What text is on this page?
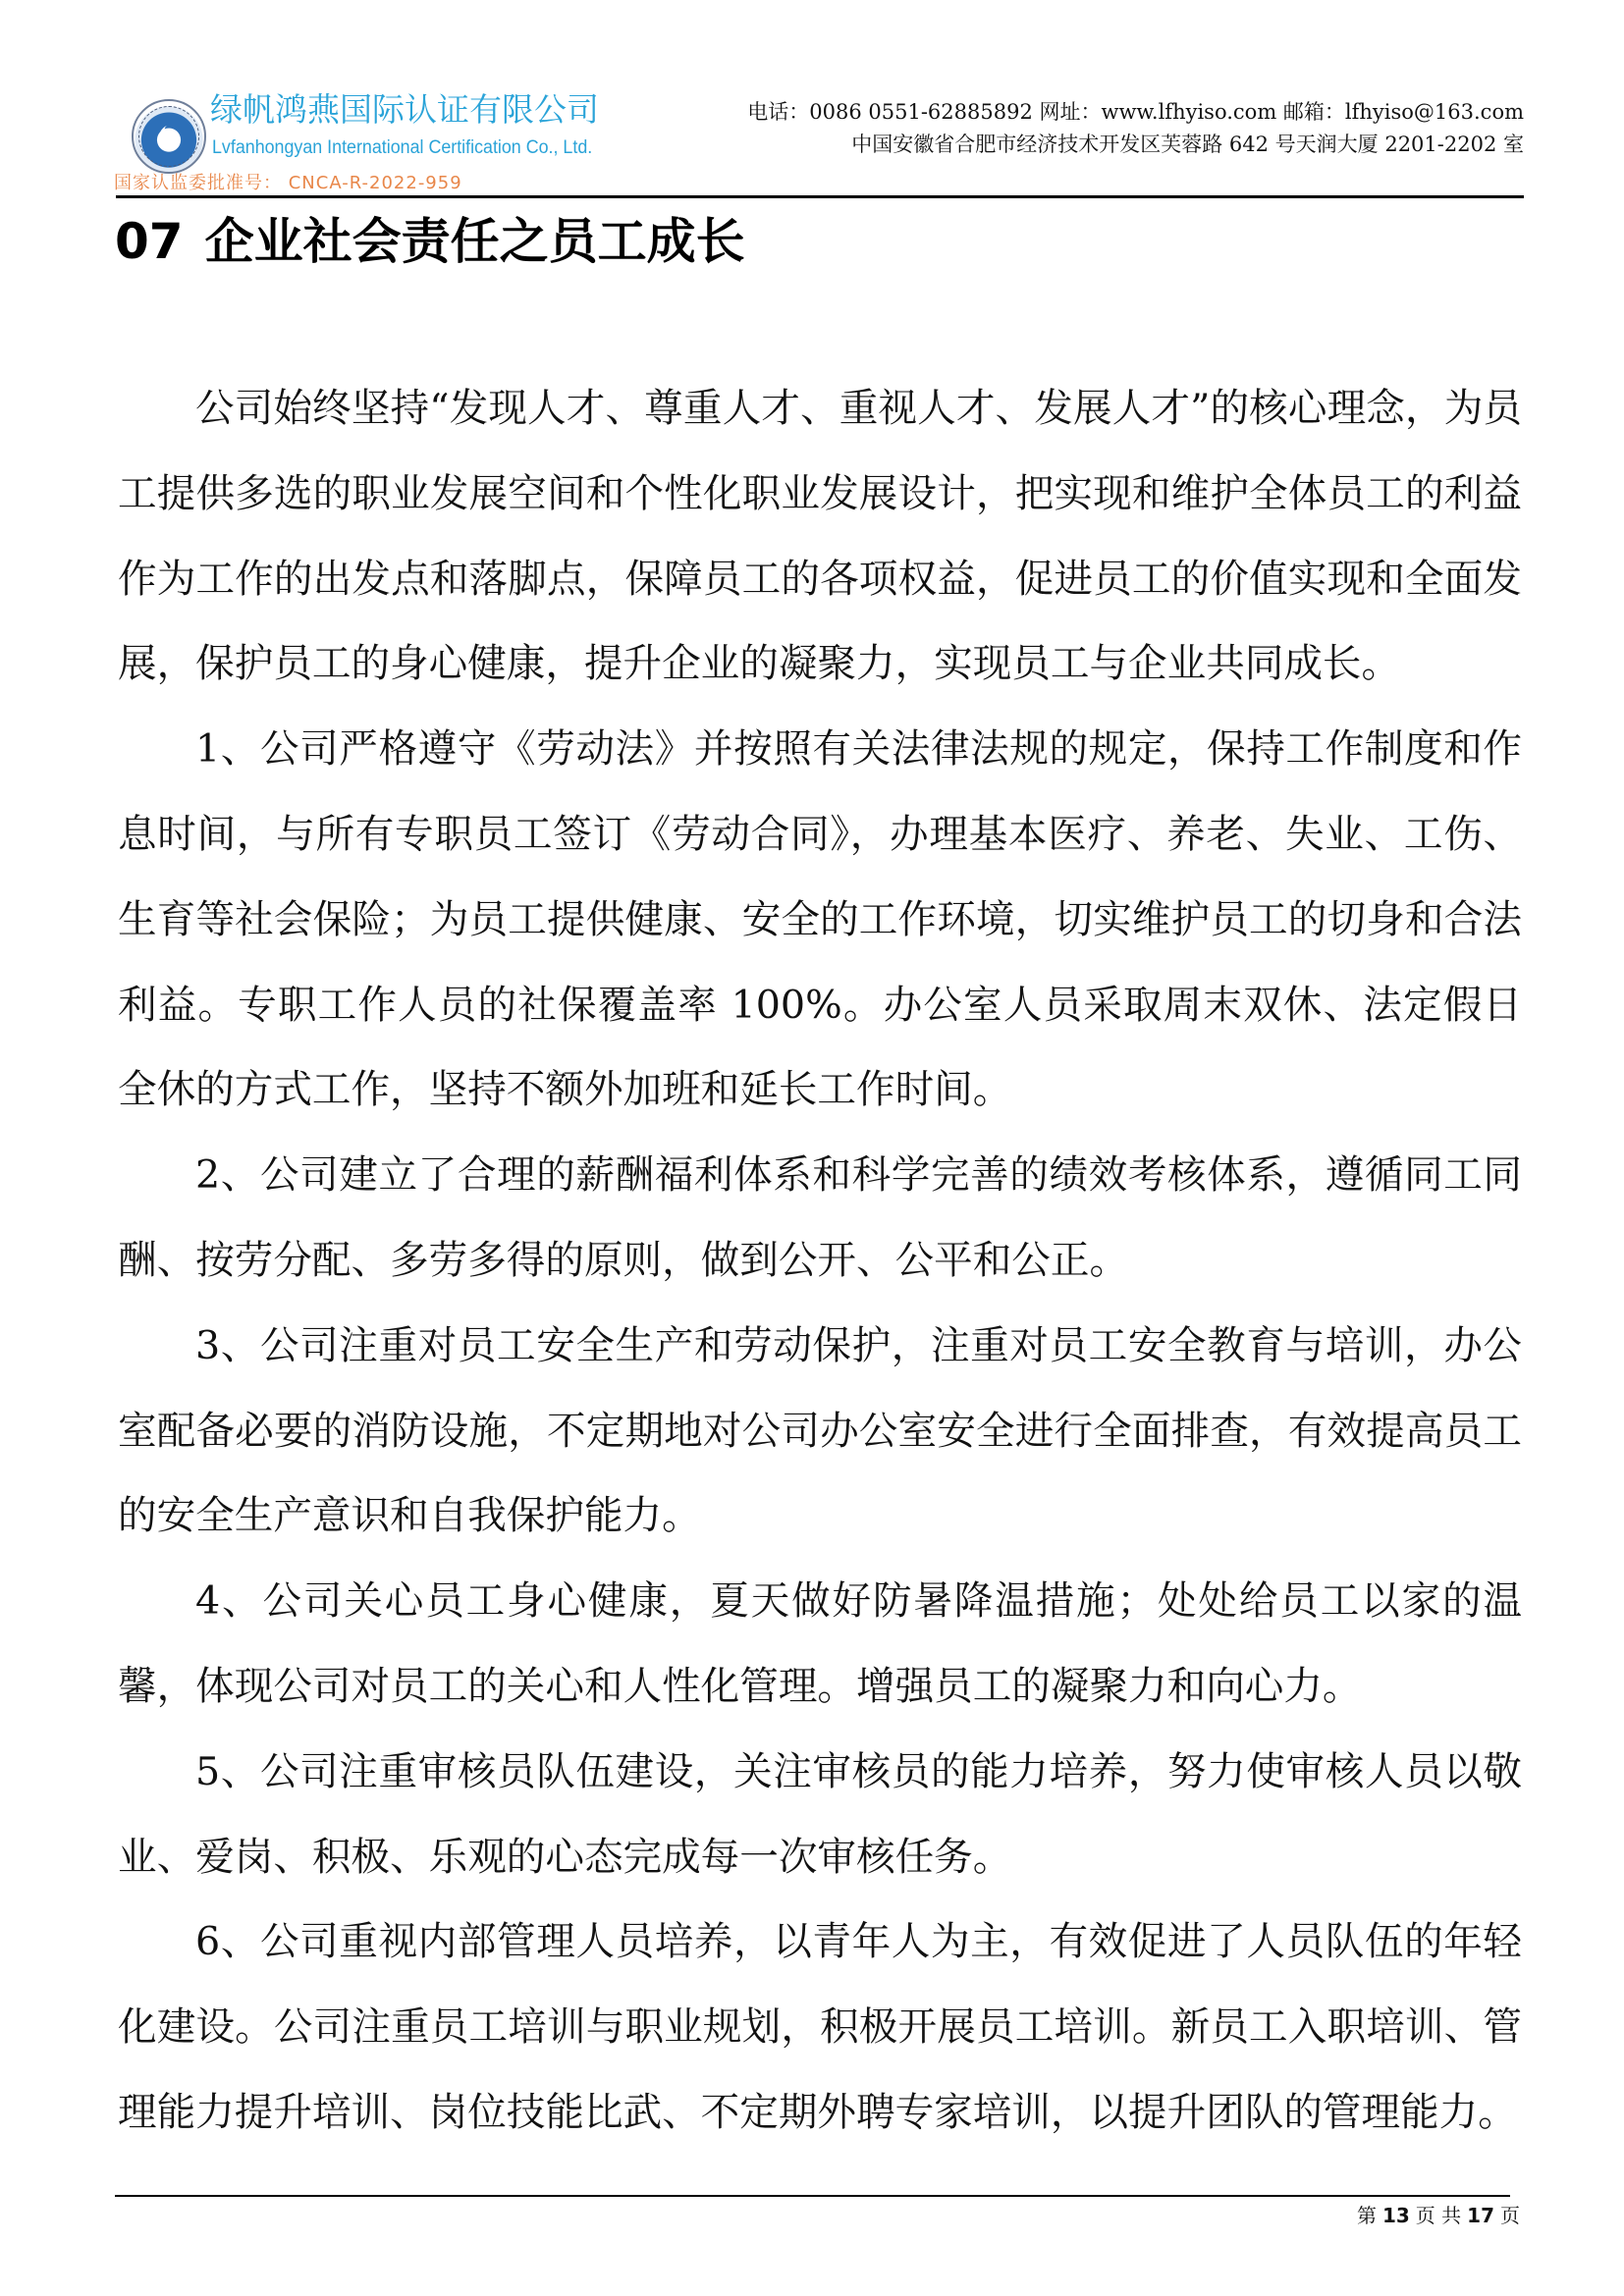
绿帆鸿燕国际认证有限公司
Lvfanhongyan International Certification Co., Ltd.
国家认监委批准号： CNCA-R-2022-959
电话：0086 0551-62885892 网址：www.lfhyiso.com 邮箱：lfhyiso@163.com
中国安徽省合肥市经济技术开发区芙蓉路 642 号天润大厦 2201-2202 室
07 企业社会责任之员工成长

公司始终坚持“发现人才、尊重人才、重视人才、发展人才”的核心理念，为员工提供多选的职业发展空间和个性化职业发展设计，把实现和维护全体员工的利益作为工作的出发点和落脚点，保障员工的各项权益，促进员工的价值实现和全面发展，保护员工的身心健康，提升企业的凝聚力，实现员工与企业共同成长。

1、公司严格遵守《劳动法》并按照有关法律法规的规定，保持工作制度和作息时间，与所有专职员工签订《劳动合同》，办理基本医疗、养老、失业、工伤、生育等社会保险；为员工提供健康、安全的工作环境，切实维护员工的切身和合法利益。专职工作人员的社保覆盖率 100%。办公室人员采取周末双休、法定假日全休的方式工作，坚持不额外加班和延长工作时间。

2、公司建立了合理的薪酬福利体系和科学完善的绩效考核体系，遵循同工同酬、按劳分配、多劳多得的原则，做到公开、公平和公正。

3、公司注重对员工安全生产和劳动保护，注重对员工安全教育与培训，办公室配备必要的消防设施，不定期地对公司办公室安全进行全面排查，有效提高员工的安全生产意识和自我保护能力。

4、公司关心员工身心健康，夏天做好防暑降温措施；处处给员工以家的温馨，体现公司对员工的关心和人性化管理。增强员工的凝聚力和向心力。

5、公司注重审核员队伍建设，关注审核员的能力培养，努力使审核人员以敬业、爱岗、积极、乐观的心态完成每一次审核任务。

6、公司重视内部管理人员培养，以青年人为主，有效促进了人员队伍的年轻化建设。公司注重员工培训与职业规划，积极开展员工培训。新员工入职培训、管理能力提升培训、岗位技能比武、不定期外聘专家培训，以提升团队的管理能力。

第 13 页 共 17 页
